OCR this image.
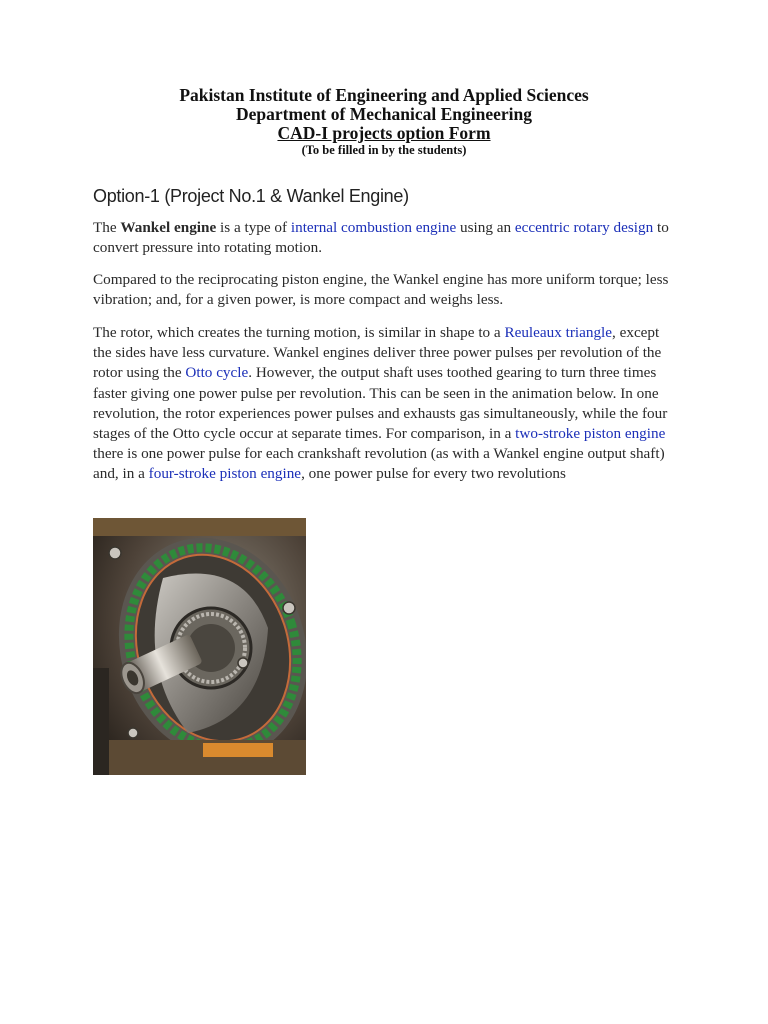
Pakistan Institute of Engineering and Applied Sciences
Department of Mechanical Engineering
CAD-I projects option Form
(To be filled in by the students)
Option-1 (Project No.1 & Wankel Engine)

The Wankel engine is a type of internal combustion engine using an eccentric rotary design to convert pressure into rotating motion.

Compared to the reciprocating piston engine, the Wankel engine has more uniform torque; less vibration; and, for a given power, is more compact and weighs less.

The rotor, which creates the turning motion, is similar in shape to a Reuleaux triangle, except the sides have less curvature. Wankel engines deliver three power pulses per revolution of the rotor using the Otto cycle. However, the output shaft uses toothed gearing to turn three times faster giving one power pulse per revolution. This can be seen in the animation below. In one revolution, the rotor experiences power pulses and exhausts gas simultaneously, while the four stages of the Otto cycle occur at separate times. For comparison, in a two-stroke piston engine there is one power pulse for each crankshaft revolution (as with a Wankel engine output shaft) and, in a four-stroke piston engine, one power pulse for every two revolutions
